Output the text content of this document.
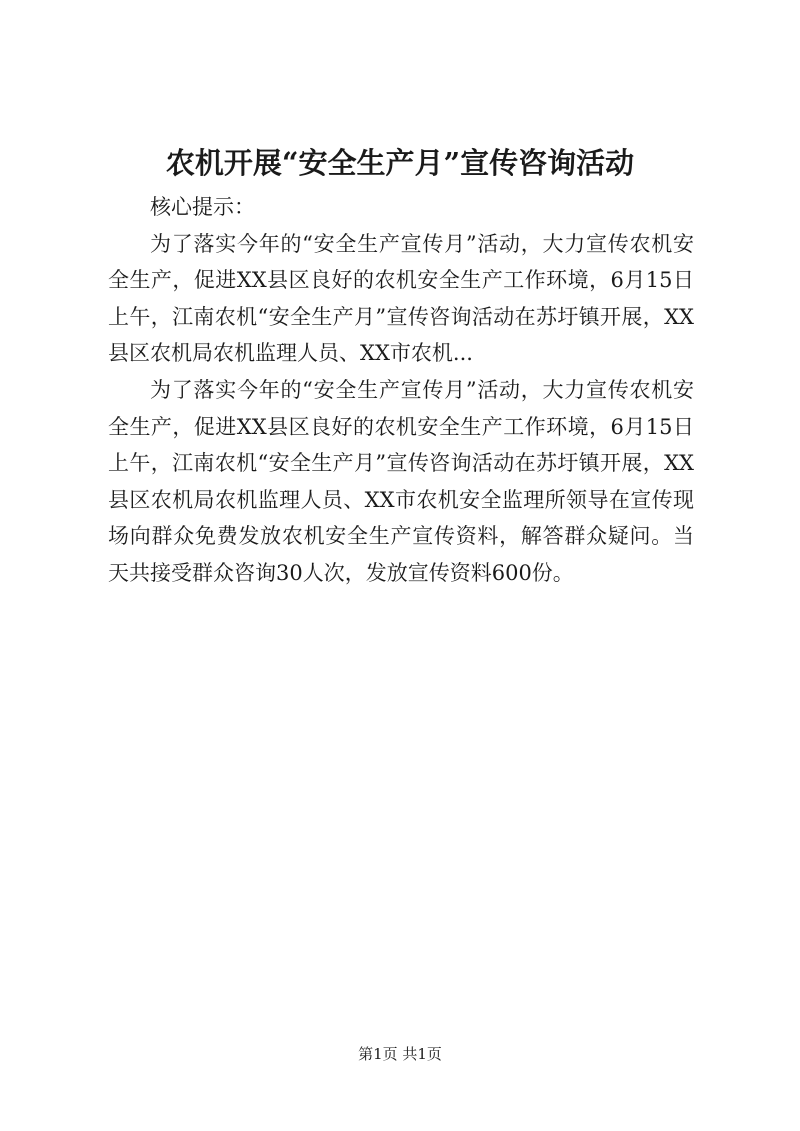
农机开展“安全生产月”宣传咨询活动

核心提示：

为了落实今年的“安全生产宣传月”活动，大力宣传农机安全生产，促进XX县区良好的农机安全生产工作环境，6月15日上午，江南农机“安全生产月”宣传咨询活动在苏圩镇开展，XX县区农机局农机监理人员、XX市农机...

为了落实今年的“安全生产宣传月”活动，大力宣传农机安全生产，促进XX县区良好的农机安全生产工作环境，6月15日上午，江南农机“安全生产月”宣传咨询活动在苏圩镇开展，XX县区农机局农机监理人员、XX市农机安全监理所领导在宣传现场向群众免费发放农机安全生产宣传资料，解答群众疑问。当天共接受群众咨询30人次，发放宣传资料600份。

第1页 共1页
